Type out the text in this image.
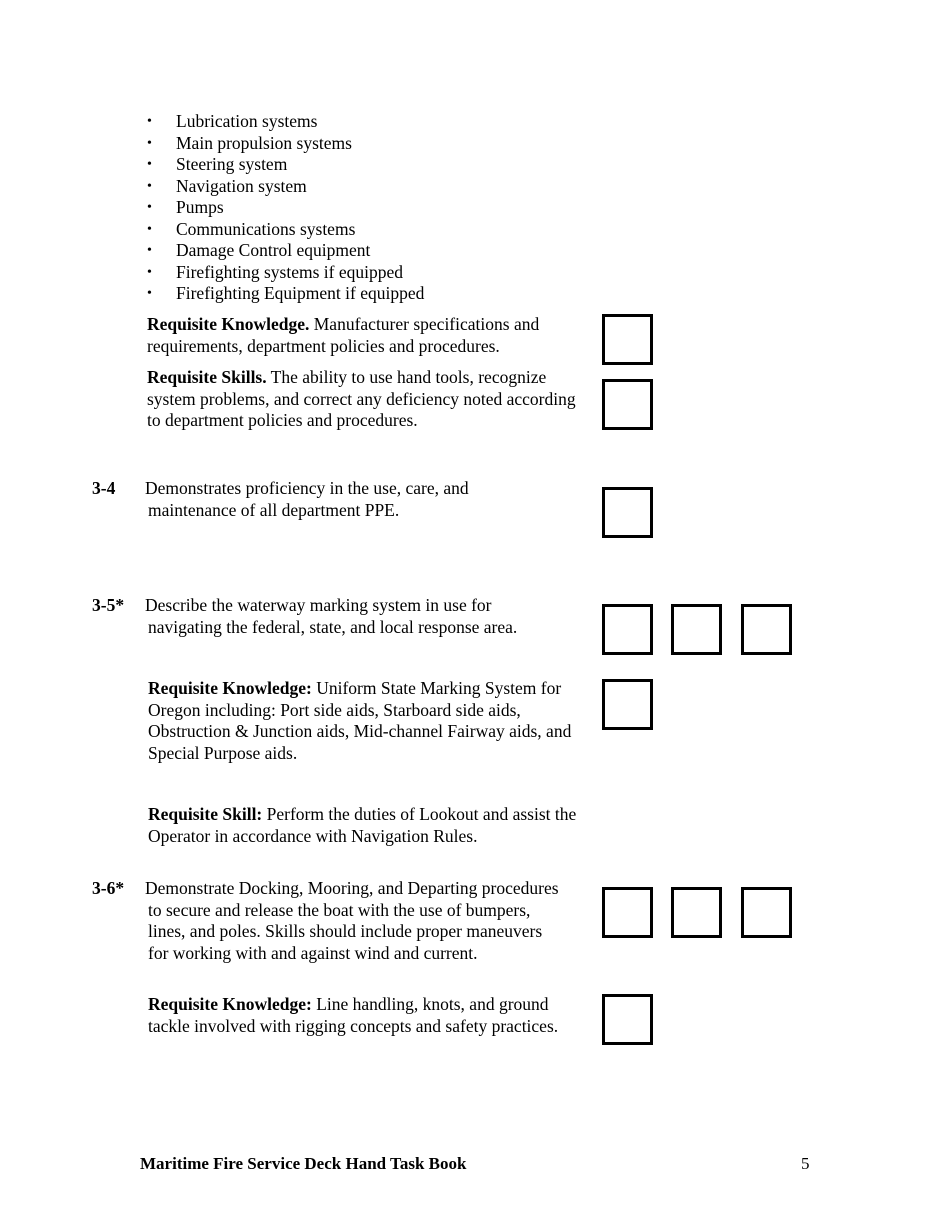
• Lubrication systems
• Main propulsion systems
• Steering system
• Navigation system
• Pumps
• Communications systems
• Damage Control equipment
• Firefighting systems if equipped
• Firefighting Equipment if equipped
Requisite Knowledge. Manufacturer specifications and requirements, department policies and procedures.
Requisite Skills. The ability to use hand tools, recognize system problems, and correct any deficiency noted according to department policies and procedures.
3-4 Demonstrates proficiency in the use, care, and
maintenance of all department PPE.
3-5* Describe the waterway marking system in use for
navigating the federal, state, and local response area.
Requisite Knowledge: Uniform State Marking System for Oregon including: Port side aids, Starboard side aids, Obstruction & Junction aids, Mid-channel Fairway aids, and Special Purpose aids.
Requisite Skill: Perform the duties of Lookout and assist the Operator in accordance with Navigation Rules.
3-6* Demonstrate Docking, Mooring, and Departing procedures
to secure and release the boat with the use of bumpers,
lines, and poles. Skills should include proper maneuvers
for working with and against wind and current.
Requisite Knowledge: Line handling, knots, and ground tackle involved with rigging concepts and safety practices.
Maritime Fire Service Deck Hand Task Book	5
